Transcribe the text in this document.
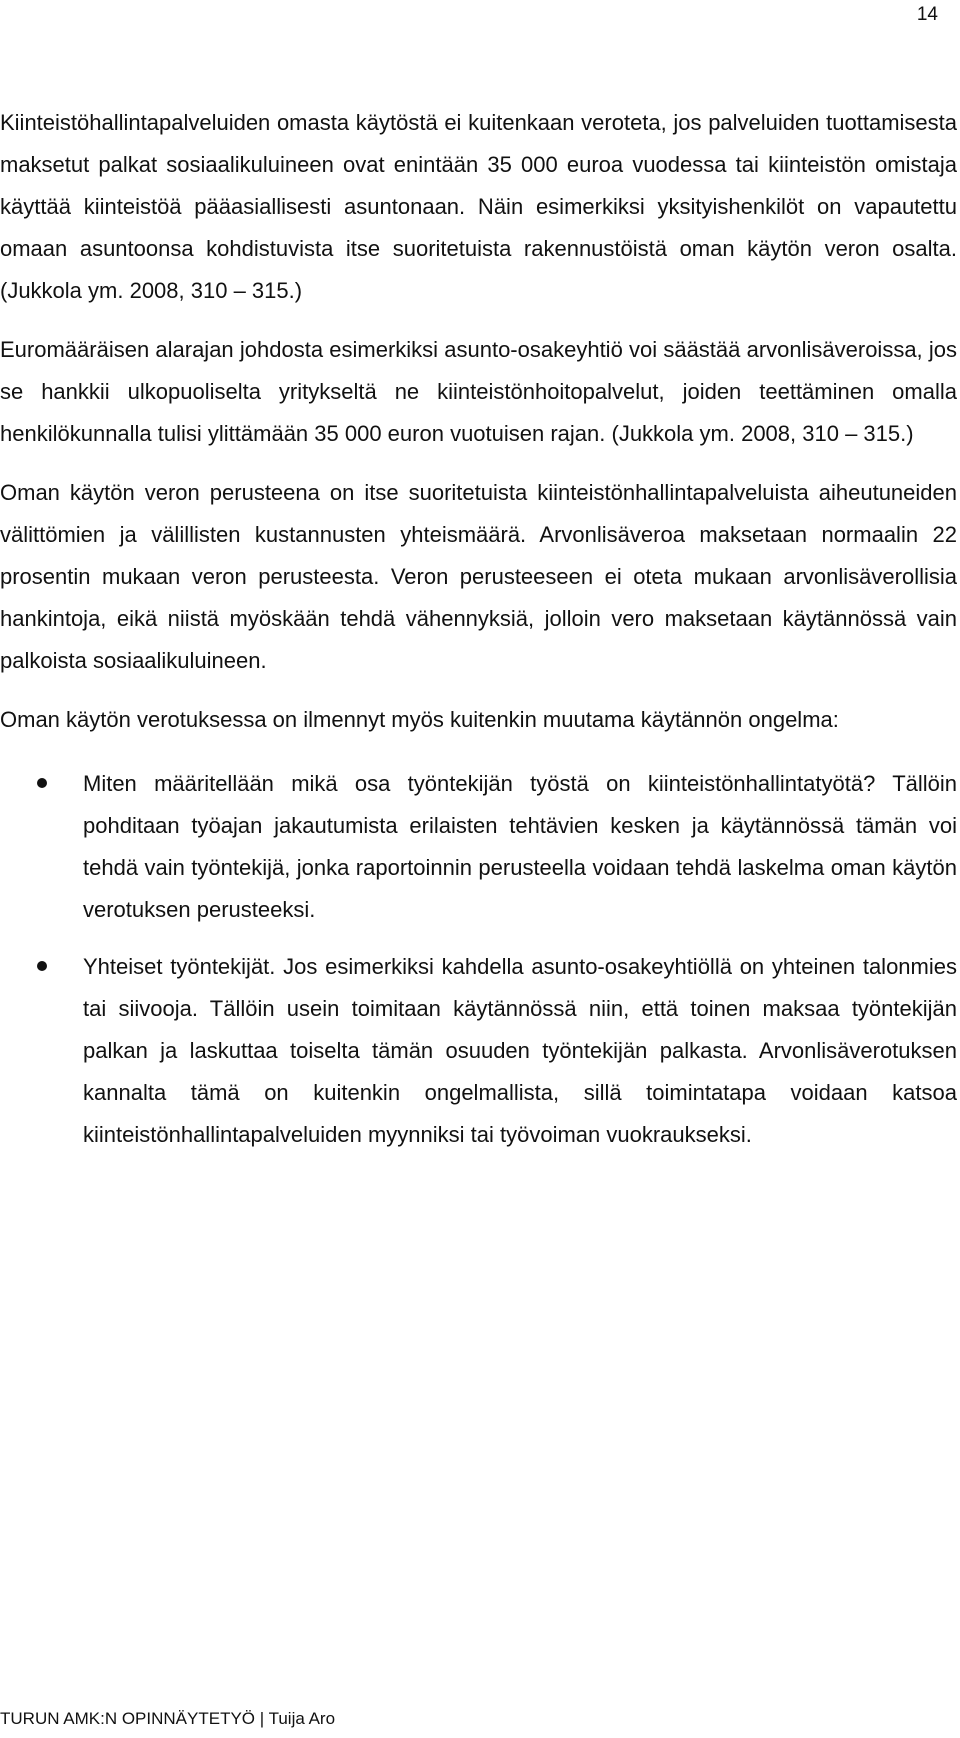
14

Kiinteistöhallintapalveluiden omasta käytöstä ei kuitenkaan veroteta, jos palveluiden tuottamisesta maksetut palkat sosiaalikuluineen ovat enintään 35 000 euroa vuodessa tai kiinteistön omistaja käyttää kiinteistöä pääasiallisesti asuntonaan. Näin esimerkiksi yksityishenkilöt on vapautettu omaan asuntoonsa kohdistuvista itse suoritetuista rakennustöistä oman käytön veron osalta. (Jukkola ym. 2008, 310 – 315.)

Euromääräisen alarajan johdosta esimerkiksi asunto-osakeyhtiö voi säästää arvonlisäveroissa, jos se hankkii ulkopuoliselta yritykseltä ne kiinteistönhoitopalvelut, joiden teettäminen omalla henkilökunnalla tulisi ylittämään 35 000 euron vuotuisen rajan. (Jukkola ym. 2008, 310 – 315.)

Oman käytön veron perusteena on itse suoritetuista kiinteistönhallintapalveluista aiheutuneiden välittömien ja välillisten kustannusten yhteismäärä. Arvonlisäveroa maksetaan normaalin 22 prosentin mukaan veron perusteesta. Veron perusteeseen ei oteta mukaan arvonlisäverollisia hankintoja, eikä niistä myöskään tehdä vähennyksiä, jolloin vero maksetaan käytännössä vain palkoista sosiaalikuluineen.

Oman käytön verotuksessa on ilmennyt myös kuitenkin muutama käytännön ongelma:

Miten määritellään mikä osa työntekijän työstä on kiinteistönhallintatyötä? Tällöin pohditaan työajan jakautumista erilaisten tehtävien kesken ja käytännössä tämän voi tehdä vain työntekijä, jonka raportoinnin perusteella voidaan tehdä laskelma oman käytön verotuksen perusteeksi.
Yhteiset työntekijät. Jos esimerkiksi kahdella asunto-osakeyhtiöllä on yhteinen talonmies tai siivooja. Tällöin usein toimitaan käytännössä niin, että toinen maksaa työntekijän palkan ja laskuttaa toiselta tämän osuuden työntekijän palkasta. Arvonlisäverotuksen kannalta tämä on kuitenkin ongelmallista, sillä toimintatapa voidaan katsoa kiinteistönhallintapalveluiden myynniksi tai työvoiman vuokraukseksi.
TURUN AMK:N OPINNÄYTETYÖ | Tuija Aro
